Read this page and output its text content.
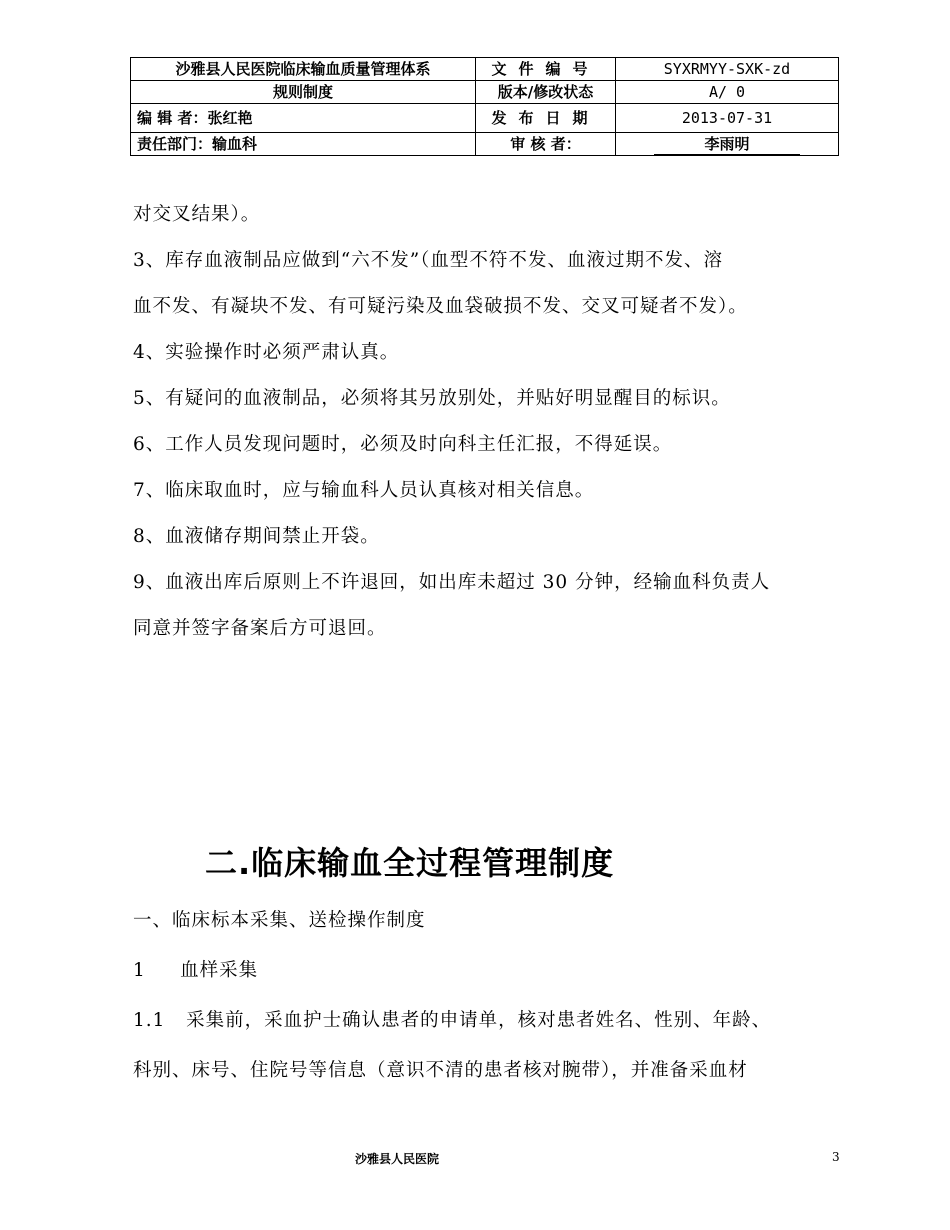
沙雅县人民医院临床输血质量管理体系	文件编号	SYXRMYY-SXK-zd
规则制度	版本/修改状态	A/ 0
编 辑 者：张红艳	发布日期	2013-07-31
责任部门：输血科	审 核 者：	李雨明

对交叉结果）。

3、库存血液制品应做到“六不发”（血型不符不发、血液过期不发、溶

血不发、有凝块不发、有可疑污染及血袋破损不发、交叉可疑者不发）。

4、实验操作时必须严肃认真。

5、有疑问的血液制品，必须将其另放别处，并贴好明显醒目的标识。

6、工作人员发现问题时，必须及时向科主任汇报，不得延误。

7、临床取血时，应与输血科人员认真核对相关信息。

8、血液储存期间禁止开袋。

9、血液出库后原则上不许退回，如出库未超过 30 分钟，经输血科负责人

同意并签字备案后方可退回。

二.临床输血全过程管理制度

一、临床标本采集、送检操作制度

1     血样采集

1.1   采集前，采血护士确认患者的申请单，核对患者姓名、性别、年龄、

科别、床号、住院号等信息（意识不清的患者核对腕带），并准备采血材

沙雅县人民医院	3
